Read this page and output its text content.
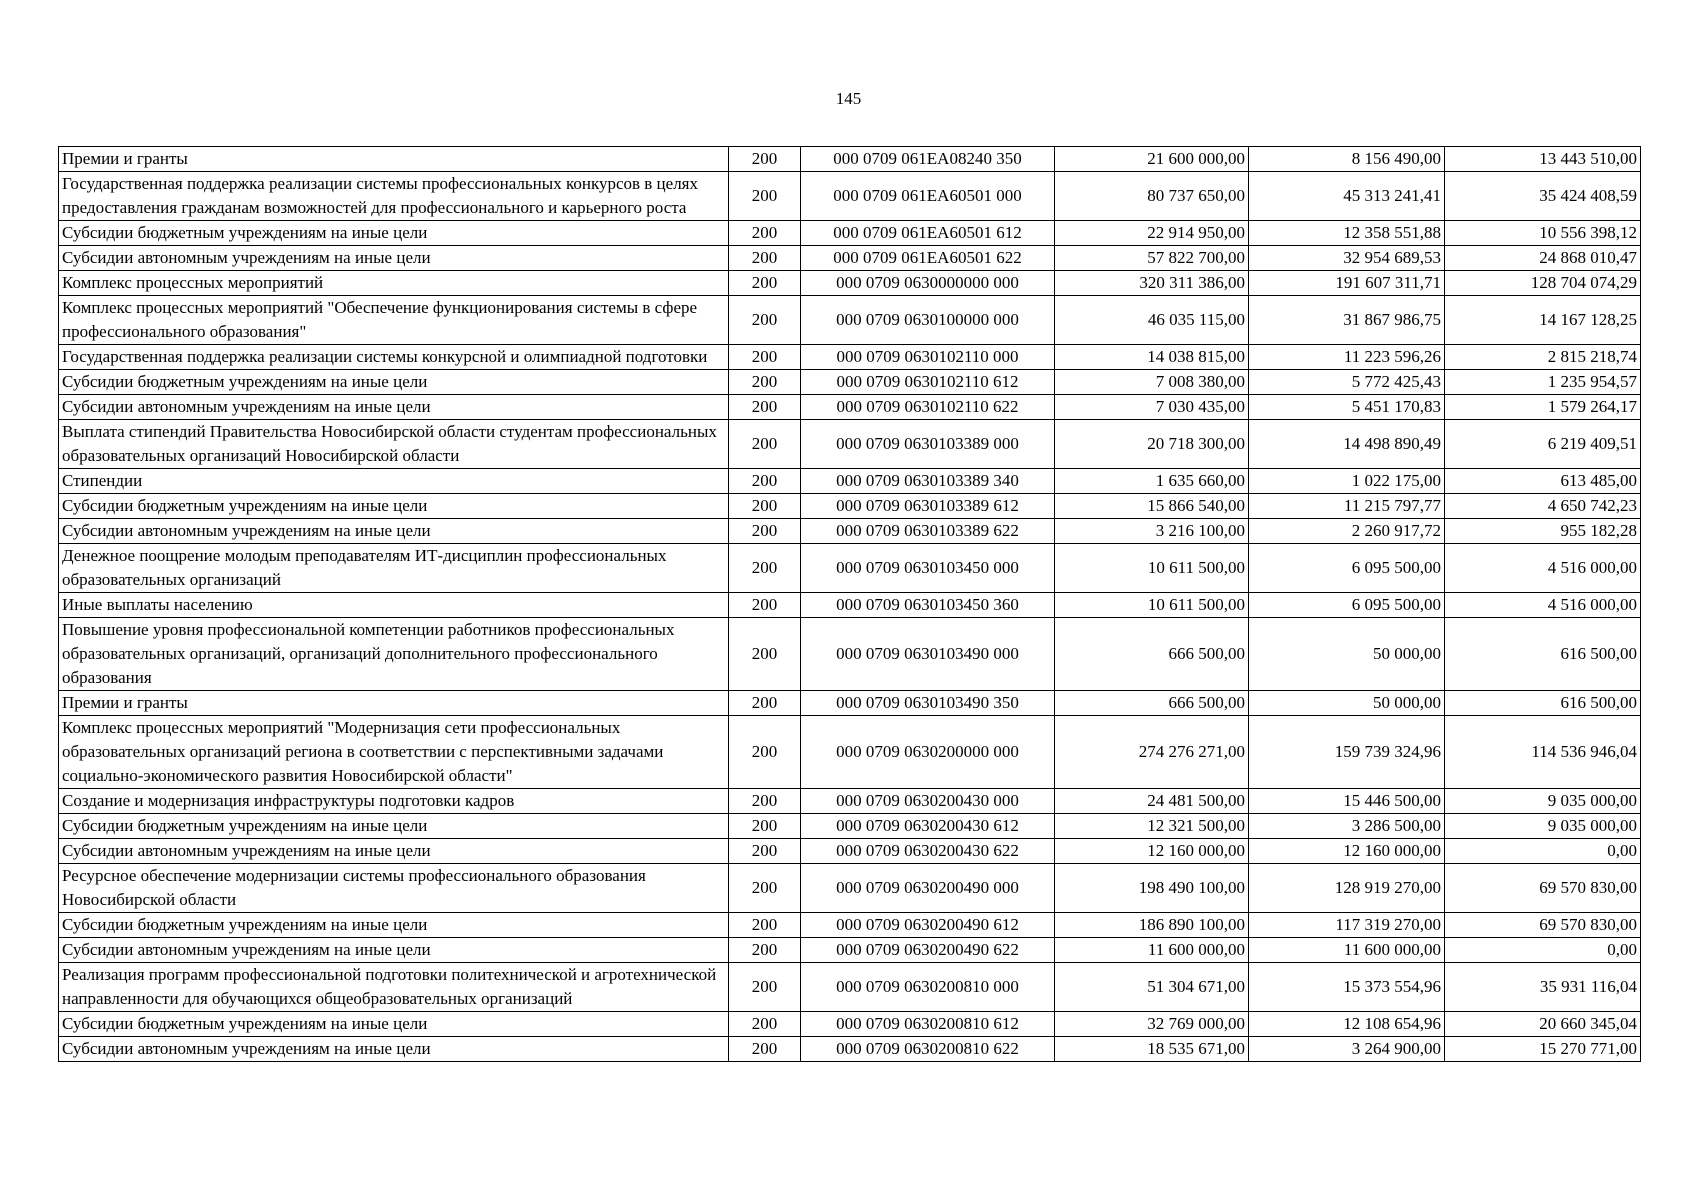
145
Премии и гранты	200	000 0709 061EA08240 350	21 600 000,00	8 156 490,00	13 443 510,00
Государственная поддержка реализации системы профессиональных конкурсов в целях предоставления гражданам возможностей для профессионального и карьерного роста	200	000 0709 061EA60501 000	80 737 650,00	45 313 241,41	35 424 408,59
Субсидии бюджетным учреждениям на иные цели	200	000 0709 061EA60501 612	22 914 950,00	12 358 551,88	10 556 398,12
Субсидии автономным учреждениям на иные цели	200	000 0709 061EA60501 622	57 822 700,00	32 954 689,53	24 868 010,47
Комплекс процессных мероприятий	200	000 0709 0630000000 000	320 311 386,00	191 607 311,71	128 704 074,29
Комплекс процессных мероприятий "Обеспечение функционирования системы в сфере профессионального образования"	200	000 0709 0630100000 000	46 035 115,00	31 867 986,75	14 167 128,25
Государственная поддержка реализации системы конкурсной и олимпиадной подготовки	200	000 0709 0630102110 000	14 038 815,00	11 223 596,26	2 815 218,74
Субсидии бюджетным учреждениям на иные цели	200	000 0709 0630102110 612	7 008 380,00	5 772 425,43	1 235 954,57
Субсидии автономным учреждениям на иные цели	200	000 0709 0630102110 622	7 030 435,00	5 451 170,83	1 579 264,17
Выплата стипендий Правительства Новосибирской области студентам профессиональных образовательных организаций Новосибирской области	200	000 0709 0630103389 000	20 718 300,00	14 498 890,49	6 219 409,51
Стипендии	200	000 0709 0630103389 340	1 635 660,00	1 022 175,00	613 485,00
Субсидии бюджетным учреждениям на иные цели	200	000 0709 0630103389 612	15 866 540,00	11 215 797,77	4 650 742,23
Субсидии автономным учреждениям на иные цели	200	000 0709 0630103389 622	3 216 100,00	2 260 917,72	955 182,28
Денежное поощрение молодым преподавателям ИТ-дисциплин профессиональных образовательных организаций	200	000 0709 0630103450 000	10 611 500,00	6 095 500,00	4 516 000,00
Иные выплаты населению	200	000 0709 0630103450 360	10 611 500,00	6 095 500,00	4 516 000,00
Повышение уровня профессиональной компетенции работников профессиональных образовательных организаций, организаций дополнительного профессионального образования	200	000 0709 0630103490 000	666 500,00	50 000,00	616 500,00
Премии и гранты	200	000 0709 0630103490 350	666 500,00	50 000,00	616 500,00
Комплекс процессных мероприятий "Модернизация сети профессиональных образовательных организаций региона в соответствии с перспективными задачами социально-экономического развития Новосибирской области"	200	000 0709 0630200000 000	274 276 271,00	159 739 324,96	114 536 946,04
Создание и модернизация инфраструктуры подготовки кадров	200	000 0709 0630200430 000	24 481 500,00	15 446 500,00	9 035 000,00
Субсидии бюджетным учреждениям на иные цели	200	000 0709 0630200430 612	12 321 500,00	3 286 500,00	9 035 000,00
Субсидии автономным учреждениям на иные цели	200	000 0709 0630200430 622	12 160 000,00	12 160 000,00	0,00
Ресурсное обеспечение модернизации системы профессионального образования Новосибирской области	200	000 0709 0630200490 000	198 490 100,00	128 919 270,00	69 570 830,00
Субсидии бюджетным учреждениям на иные цели	200	000 0709 0630200490 612	186 890 100,00	117 319 270,00	69 570 830,00
Субсидии автономным учреждениям на иные цели	200	000 0709 0630200490 622	11 600 000,00	11 600 000,00	0,00
Реализация программ профессиональной подготовки политехнической и агротехнической направленности для обучающихся общеобразовательных организаций	200	000 0709 0630200810 000	51 304 671,00	15 373 554,96	35 931 116,04
Субсидии бюджетным учреждениям на иные цели	200	000 0709 0630200810 612	32 769 000,00	12 108 654,96	20 660 345,04
Субсидии автономным учреждениям на иные цели	200	000 0709 0630200810 622	18 535 671,00	3 264 900,00	15 270 771,00
